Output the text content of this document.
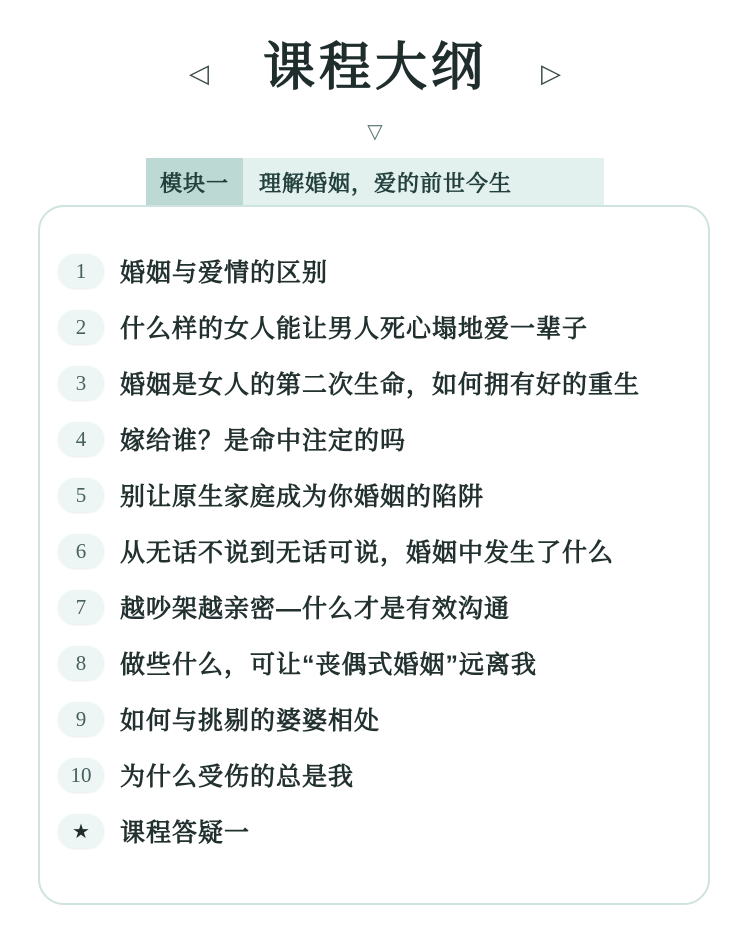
◁ 课程大纲 ▷
▽
模块一	理解婚姻，爱的前世今生
1	婚姻与爱情的区别
2	什么样的女人能让男人死心塌地爱一辈子
3	婚姻是女人的第二次生命，如何拥有好的重生
4	嫁给谁？是命中注定的吗
5	别让原生家庭成为你婚姻的陷阱
6	从无话不说到无话可说，婚姻中发生了什么
7	越吵架越亲密—什么才是有效沟通
8	做些什么，可让“丧偶式婚姻”远离我
9	如何与挑剔的婆婆相处
10	为什么受伤的总是我
★	课程答疑一
